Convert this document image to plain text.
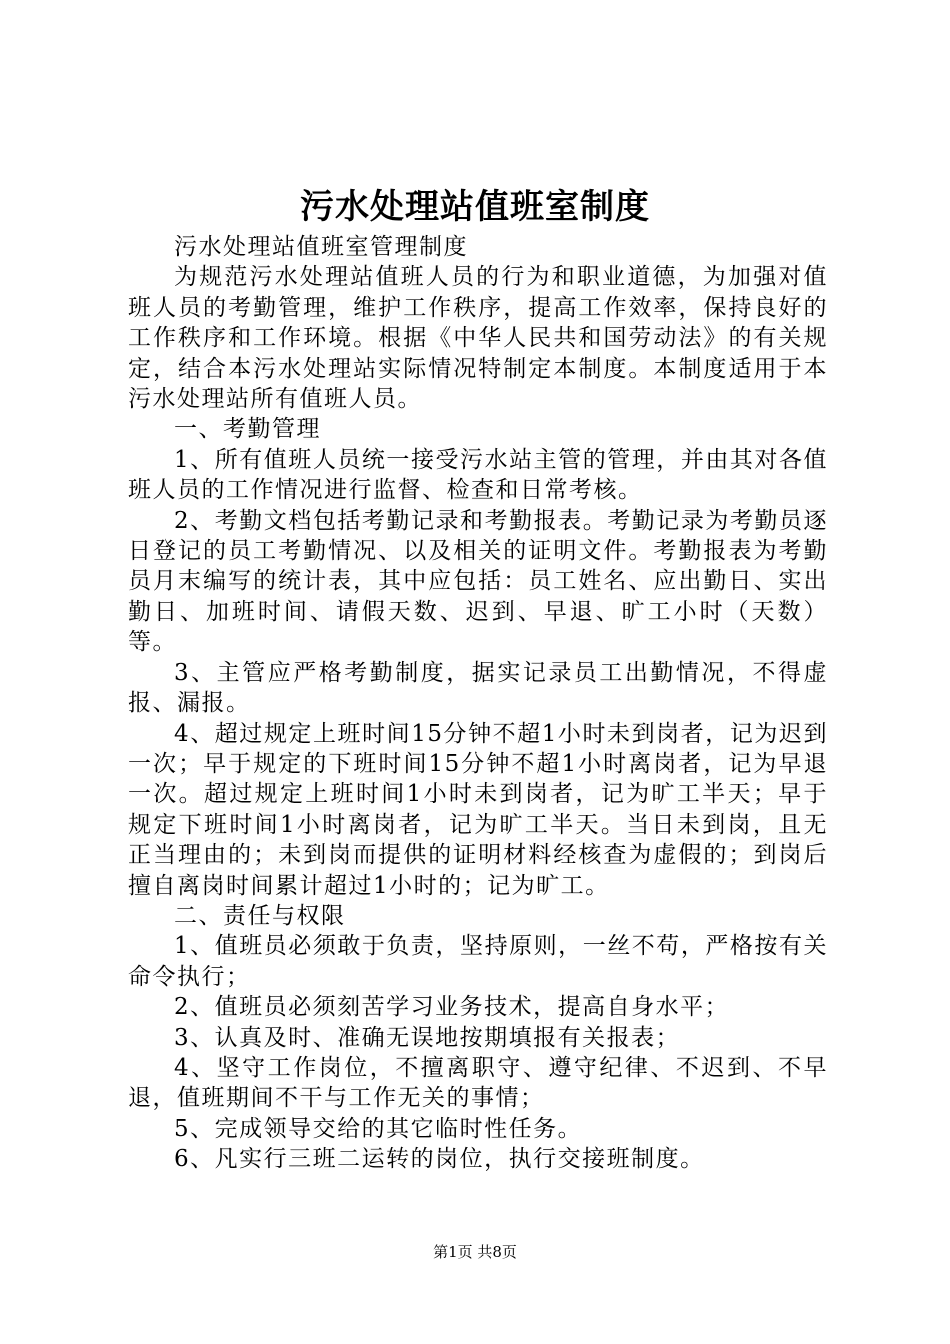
污水处理站值班室制度

污水处理站值班室管理制度

为规范污水处理站值班人员的行为和职业道德，为加强对值班人员的考勤管理，维护工作秩序，提高工作效率，保持良好的工作秩序和工作环境。根据《中华人民共和国劳动法》的有关规定，结合本污水处理站实际情况特制定本制度。本制度适用于本污水处理站所有值班人员。

一、考勤管理

1、所有值班人员统一接受污水站主管的管理，并由其对各值班人员的工作情况进行监督、检查和日常考核。

2、考勤文档包括考勤记录和考勤报表。考勤记录为考勤员逐日登记的员工考勤情况、以及相关的证明文件。考勤报表为考勤员月末编写的统计表，其中应包括：员工姓名、应出勤日、实出勤日、加班时间、请假天数、迟到、早退、旷工小时（天数）等。

3、主管应严格考勤制度，据实记录员工出勤情况，不得虚报、漏报。

4、超过规定上班时间15分钟不超1小时未到岗者，记为迟到一次；早于规定的下班时间15分钟不超1小时离岗者，记为早退一次。超过规定上班时间1小时未到岗者，记为旷工半天；早于规定下班时间1小时离岗者，记为旷工半天。当日未到岗，且无正当理由的；未到岗而提供的证明材料经核查为虚假的；到岗后擅自离岗时间累计超过1小时的；记为旷工。

二、责任与权限

1、值班员必须敢于负责，坚持原则，一丝不苟，严格按有关命令执行；

2、值班员必须刻苦学习业务技术，提高自身水平；

3、认真及时、准确无误地按期填报有关报表；

4、坚守工作岗位，不擅离职守、遵守纪律、不迟到、不早退，值班期间不干与工作无关的事情；

5、完成领导交给的其它临时性任务。

6、凡实行三班二运转的岗位，执行交接班制度。

第1页 共8页
